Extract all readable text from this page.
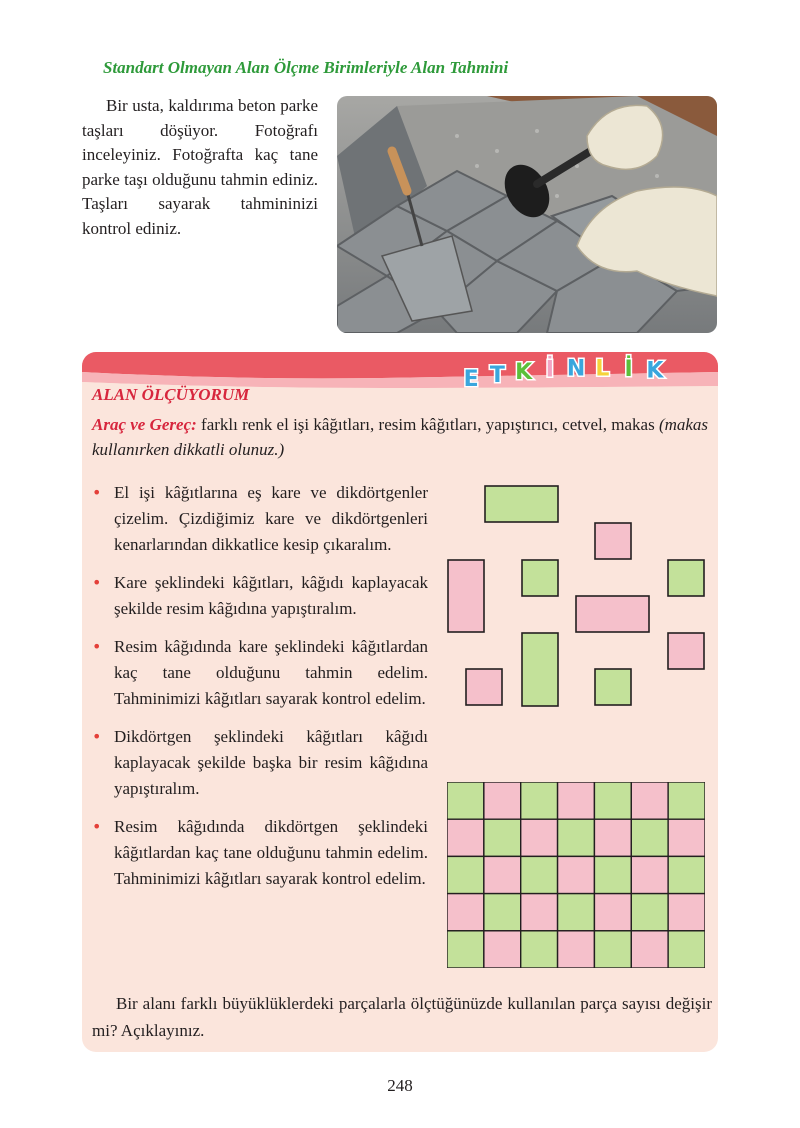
Standart Olmayan Alan Ölçme Birimleriyle Alan Tahmini

Bir usta, kaldırıma beton parke taşları döşüyor. Fotoğrafı inceleyiniz. Fotoğrafta kaç tane parke taşı olduğunu tahmin ediniz. Taşları sayarak tahmininizi kontrol ediniz.

E T K İ N L İ K
ALAN ÖLÇÜYORUM

Araç ve Gereç: farklı renk el işi kâğıtları, resim kâğıtları, yapıştırıcı, cetvel, makas (makas kullanırken dikkatli olunuz.)

• El işi kâğıtlarına eş kare ve dikdörtgenler çizelim. Çizdiğimiz kare ve dikdörtgenleri kenarlarından dikkatlice kesip çıkaralım.
• Kare şeklindeki kâğıtları, kâğıdı kaplayacak şekilde resim kâğıdına yapıştıralım.
• Resim kâğıdında kare şeklindeki kâğıtlardan kaç tane olduğunu tahmin edelim. Tahminimizi kâğıtları sayarak kontrol edelim.
• Dikdörtgen şeklindeki kâğıtları kâğıdı kaplayacak şekilde başka bir resim kâğıdına yapıştıralım.
• Resim kâğıdında dikdörtgen şeklindeki kâğıtlardan kaç tane olduğunu tahmin edelim. Tahminimizi kâğıtları sayarak kontrol edelim.

Bir alanı farklı büyüklüklerdeki parçalarla ölçtüğünüzde kullanılan parça sayısı değişir mi? Açıklayınız.

248
